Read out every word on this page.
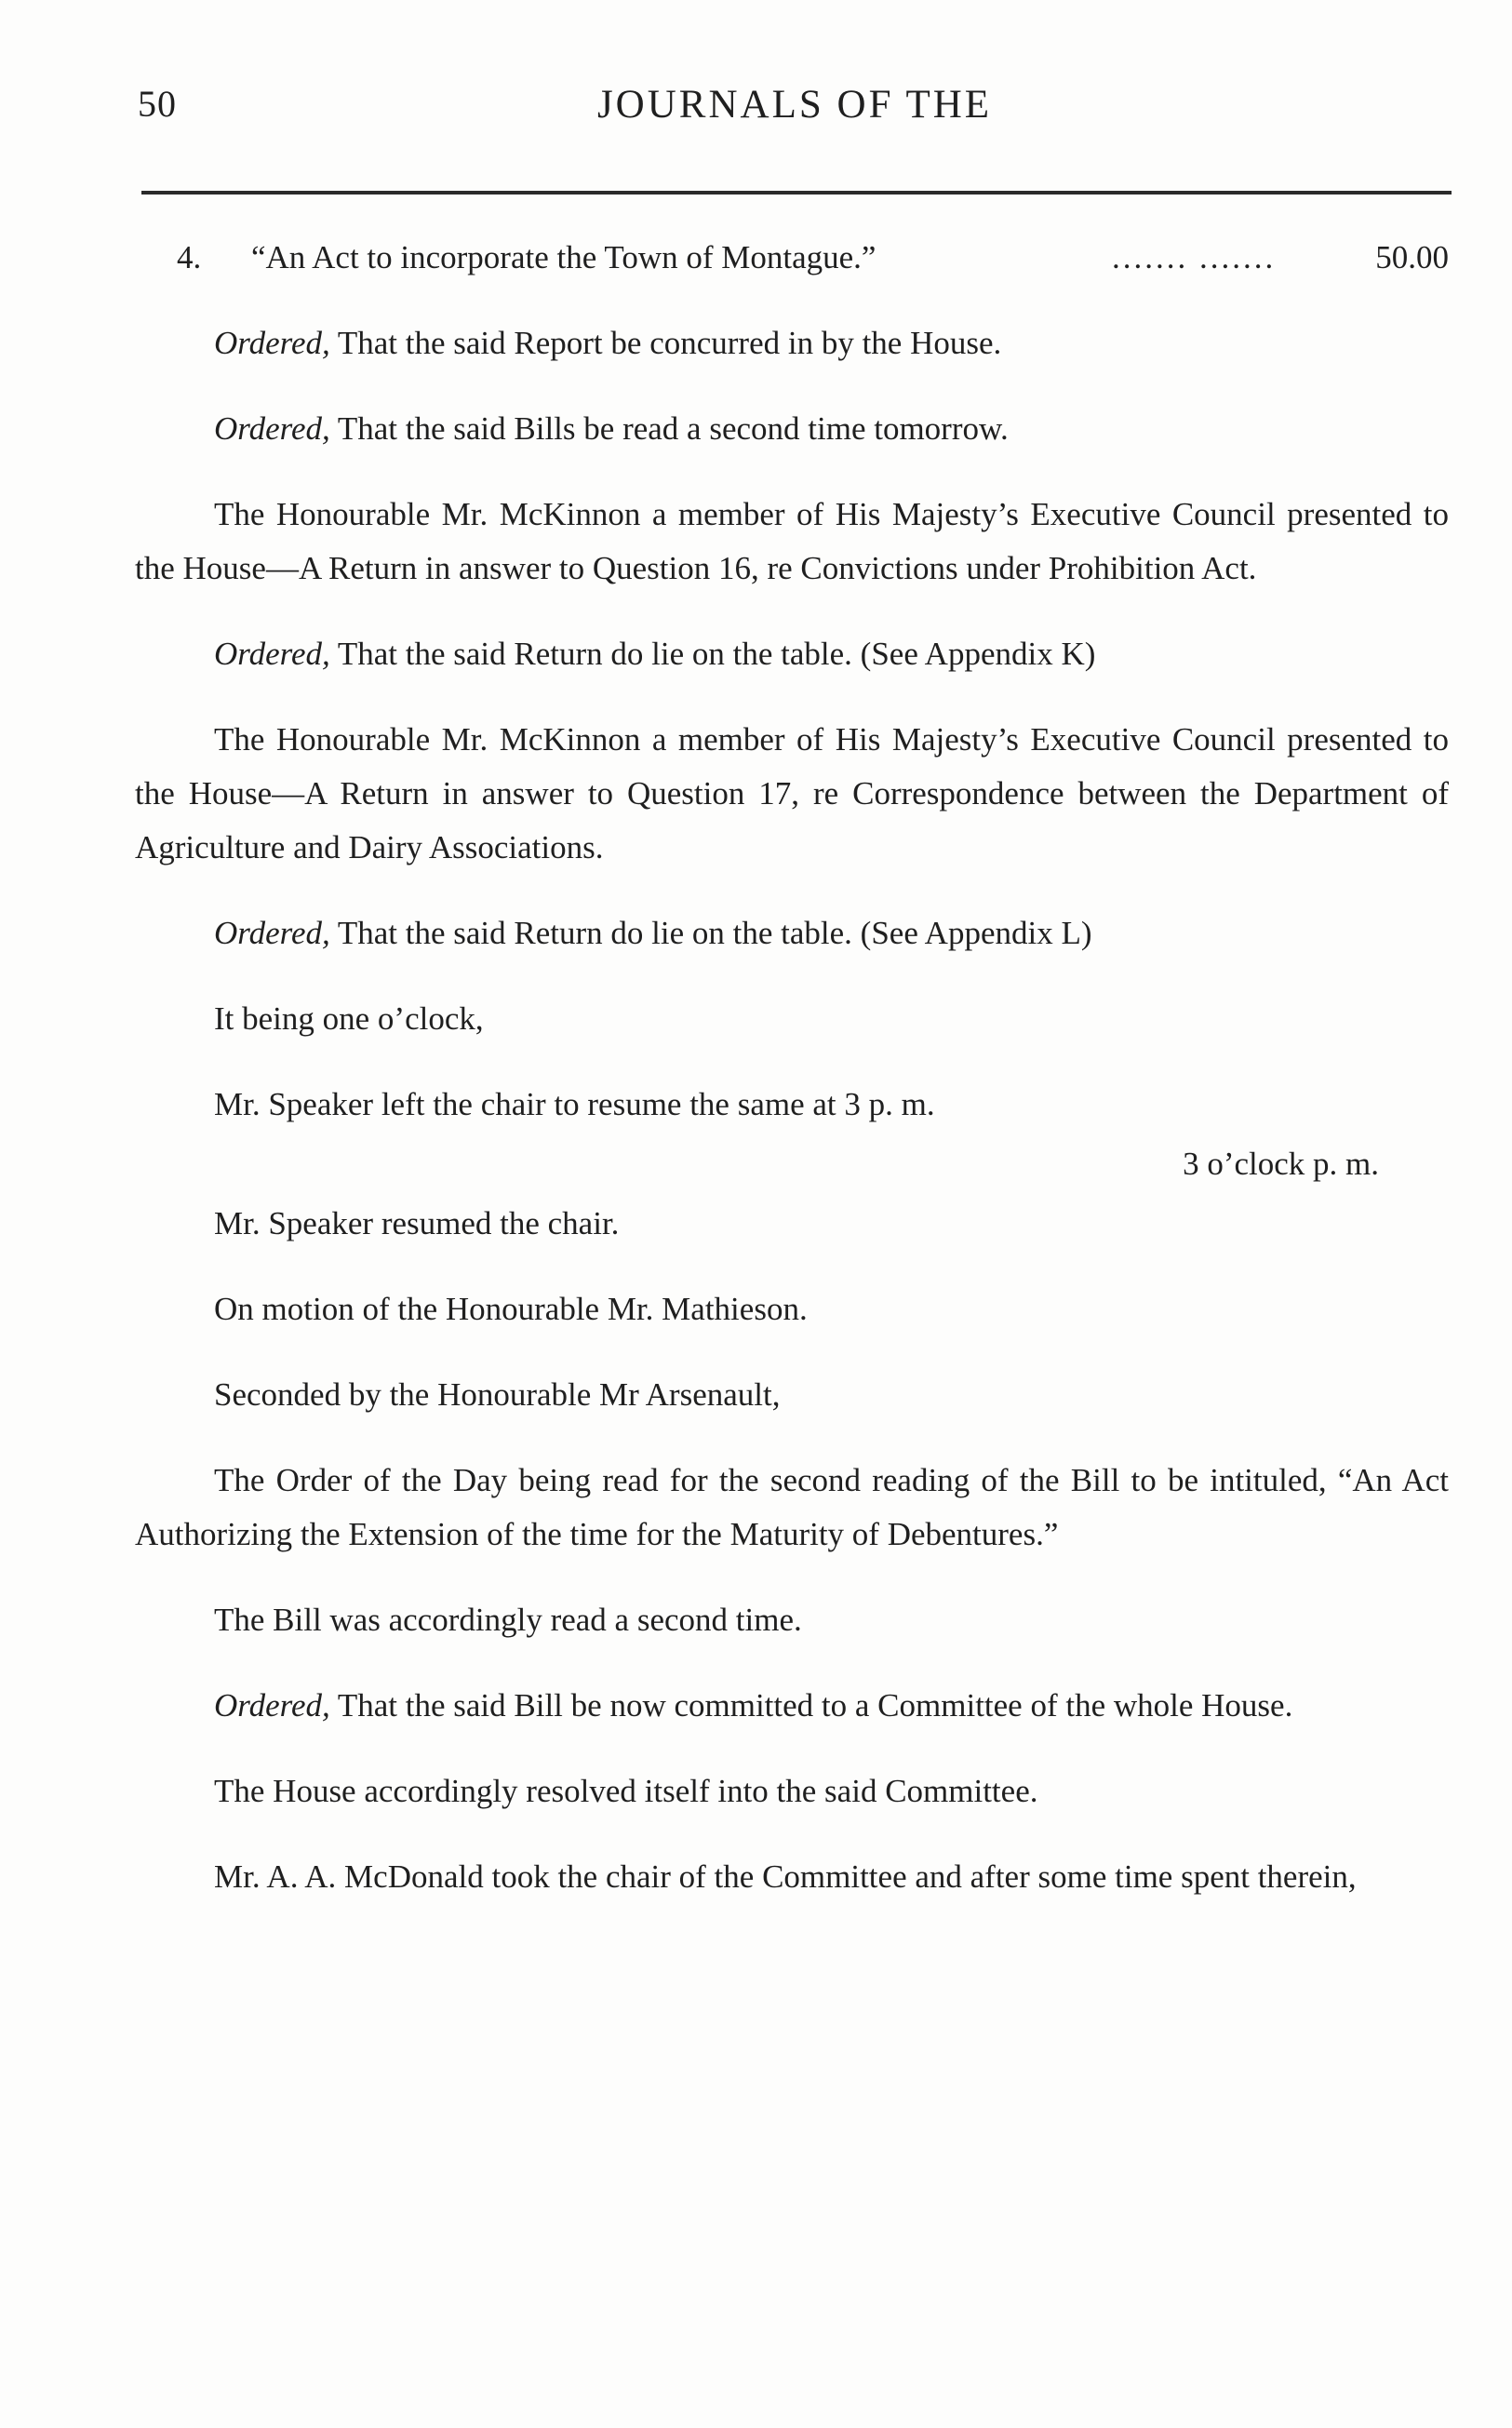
50	JOURNALS OF THE
4. “An Act to incorporate the Town of Montague.”	....... .......	50.00

Ordered, That the said Report be concurred in by the House.

Ordered, That the said Bills be read a second time tomorrow.

The Honourable Mr. McKinnon a member of His Majesty’s Executive Council presented to the House—A Return in answer to Question 16, re Convictions under Prohibition Act.

Ordered, That the said Return do lie on the table. (See Appendix K)

The Honourable Mr. McKinnon a member of His Majesty’s Executive Council presented to the House—A Return in answer to Question 17, re Correspondence between the Department of Agriculture and Dairy Associations.

Ordered, That the said Return do lie on the table. (See Appendix L)

It being one o’clock,

Mr. Speaker left the chair to resume the same at 3 p. m.

3 o’clock p. m.

Mr. Speaker resumed the chair.

On motion of the Honourable Mr. Mathieson.

Seconded by the Honourable Mr Arsenault,

The Order of the Day being read for the second reading of the Bill to be intituled, “An Act Authorizing the Extension of the time for the Maturity of Debentures.”

The Bill was accordingly read a second time.

Ordered, That the said Bill be now committed to a Committee of the whole House.

The House accordingly resolved itself into the said Committee.

Mr. A. A. McDonald took the chair of the Committee and after some time spent therein,
